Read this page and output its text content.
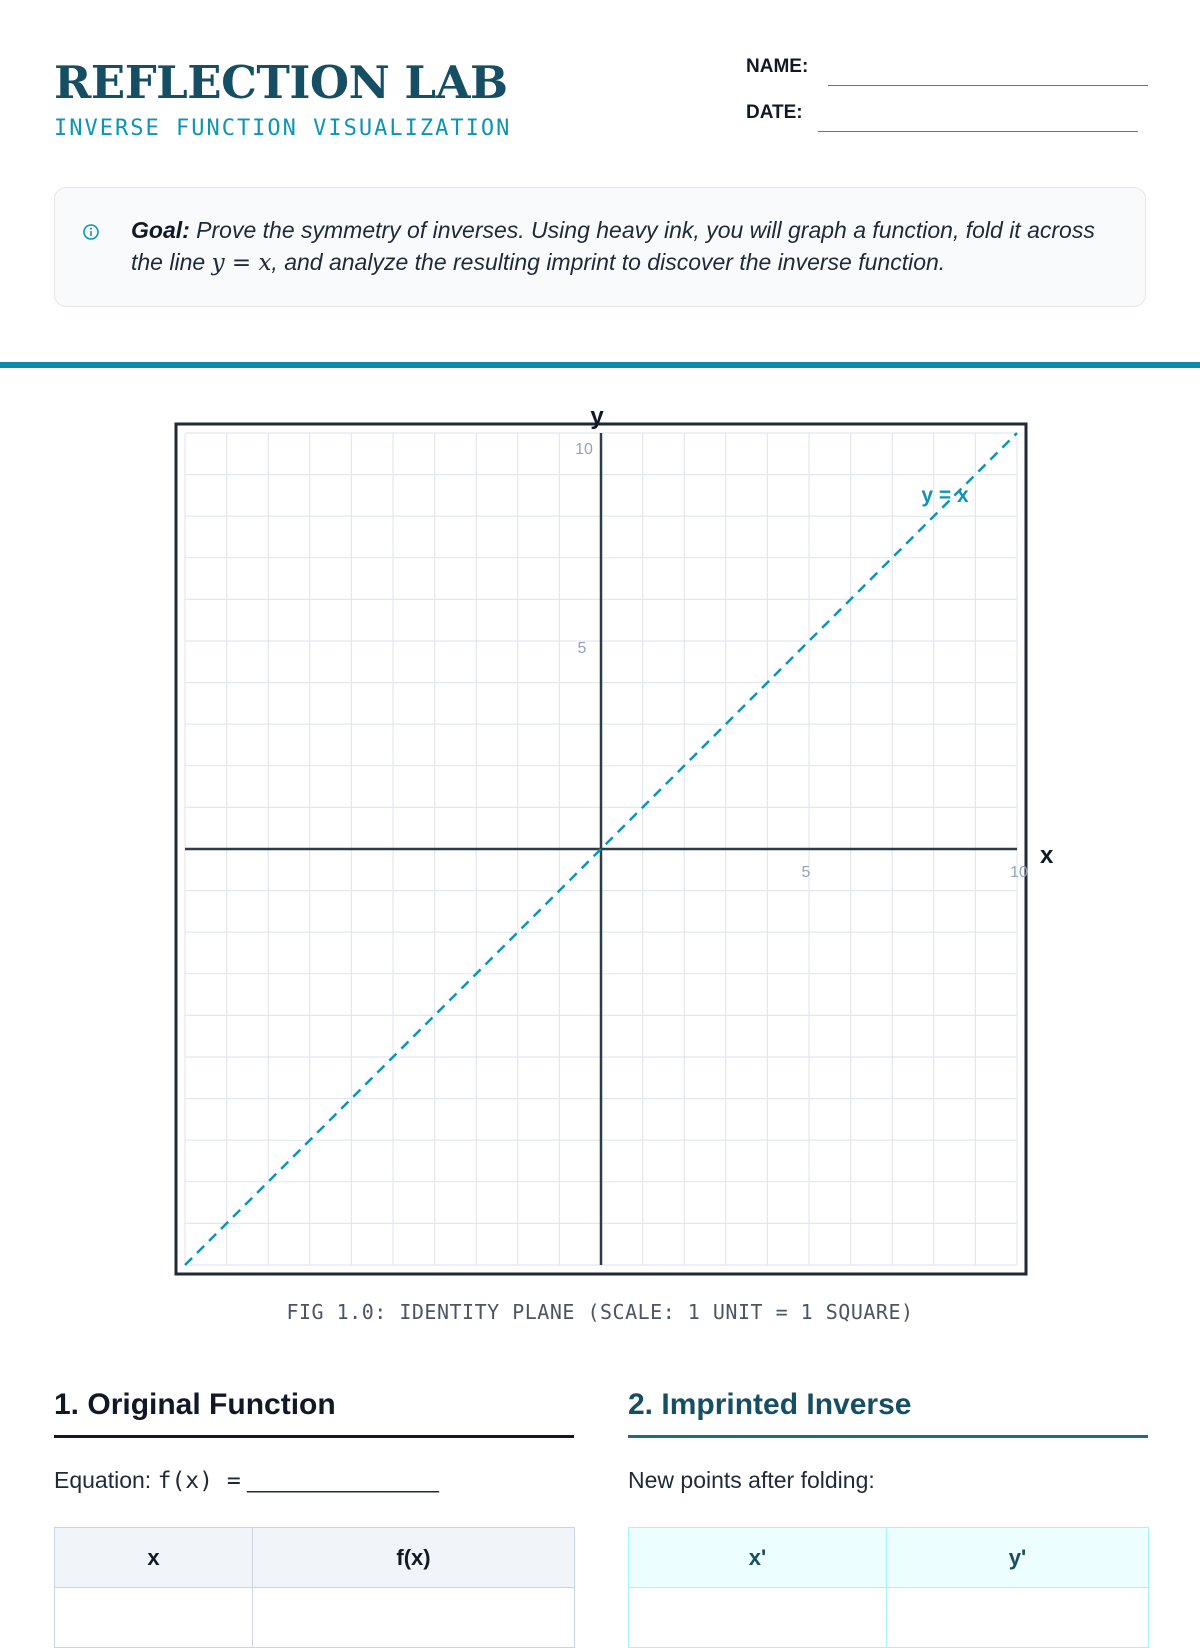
REFLECTION LAB
INVERSE FUNCTION VISUALIZATION
NAME:
DATE:
Goal: Prove the symmetry of inverses. Using heavy ink, you will graph a function, fold it across the line y = x, and analyze the resulting imprint to discover the inverse function.
x
y
y = x
10
5
5	10
FIG 1.0: IDENTITY PLANE (SCALE: 1 UNIT = 1 SQUARE)
1. Original Function
Equation: f(x) = _______________
x	f(x)

2. Imprinted Inverse
New points after folding:
x'	y'
